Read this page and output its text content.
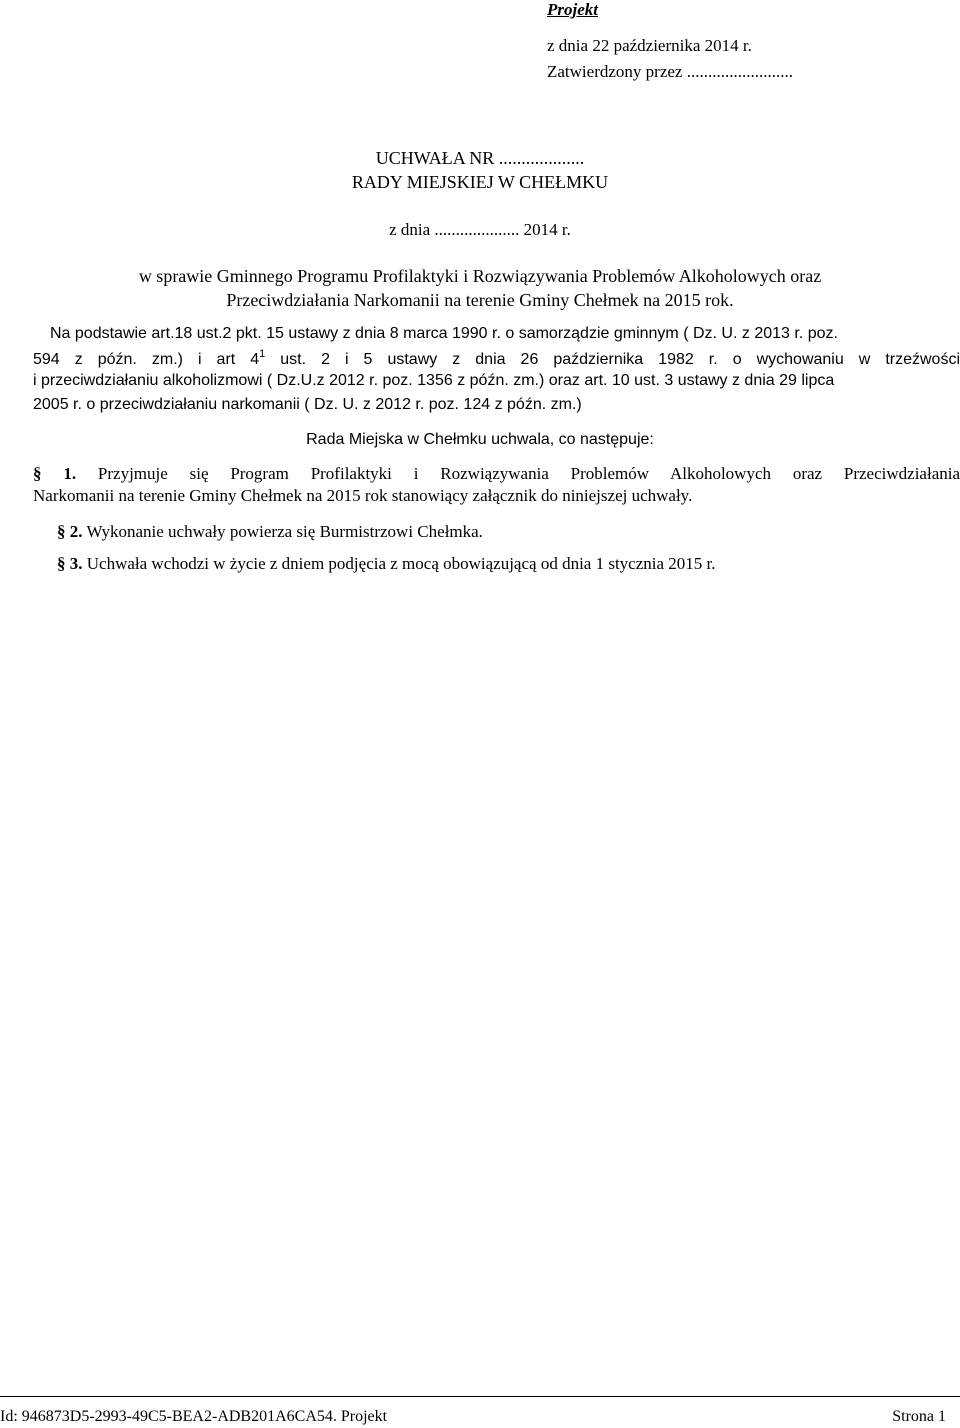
Projekt
z dnia 22 października 2014 r.
Zatwierdzony przez .........................
UCHWAŁA NR ...................
RADY MIEJSKIEJ W CHEŁMKU
z dnia .................... 2014 r.
w sprawie Gminnego Programu Profilaktyki i Rozwiązywania Problemów Alkoholowych oraz
Przeciwdziałania Narkomanii na terenie Gminy Chełmek na 2015 rok.
Na podstawie art.18 ust.2 pkt. 15 ustawy z dnia 8 marca 1990 r. o samorządzie gminnym ( Dz. U. z 2013 r. poz.
594 z późn. zm.) i art $4^1$ ust. 2 i 5 ustawy z dnia 26 października 1982 r. o wychowaniu w trzeźwości
i przeciwdziałaniu alkoholizmowi ( Dz.U.z 2012 r. poz. 1356 z późn. zm.) oraz art. 10 ust. 3 ustawy z dnia 29 lipca
2005 r. o przeciwdziałaniu narkomanii ( Dz. U. z 2012 r. poz. 124 z późn. zm.)
Rada Miejska w Chełmku uchwala, co następuje:
§ 1. Przyjmuje się Program Profilaktyki i Rozwiązywania Problemów Alkoholowych oraz Przeciwdziałania
Narkomanii na terenie Gminy Chełmek na 2015 rok stanowiący załącznik do niniejszej uchwały.
§ 2. Wykonanie uchwały powierza się Burmistrzowi Chełmka.
§ 3. Uchwała wchodzi w życie z dniem podjęcia z mocą obowiązującą od dnia 1 stycznia 2015 r.
Id: 946873D5-2993-49C5-BEA2-ADB201A6CA54. Projekt	Strona 1
